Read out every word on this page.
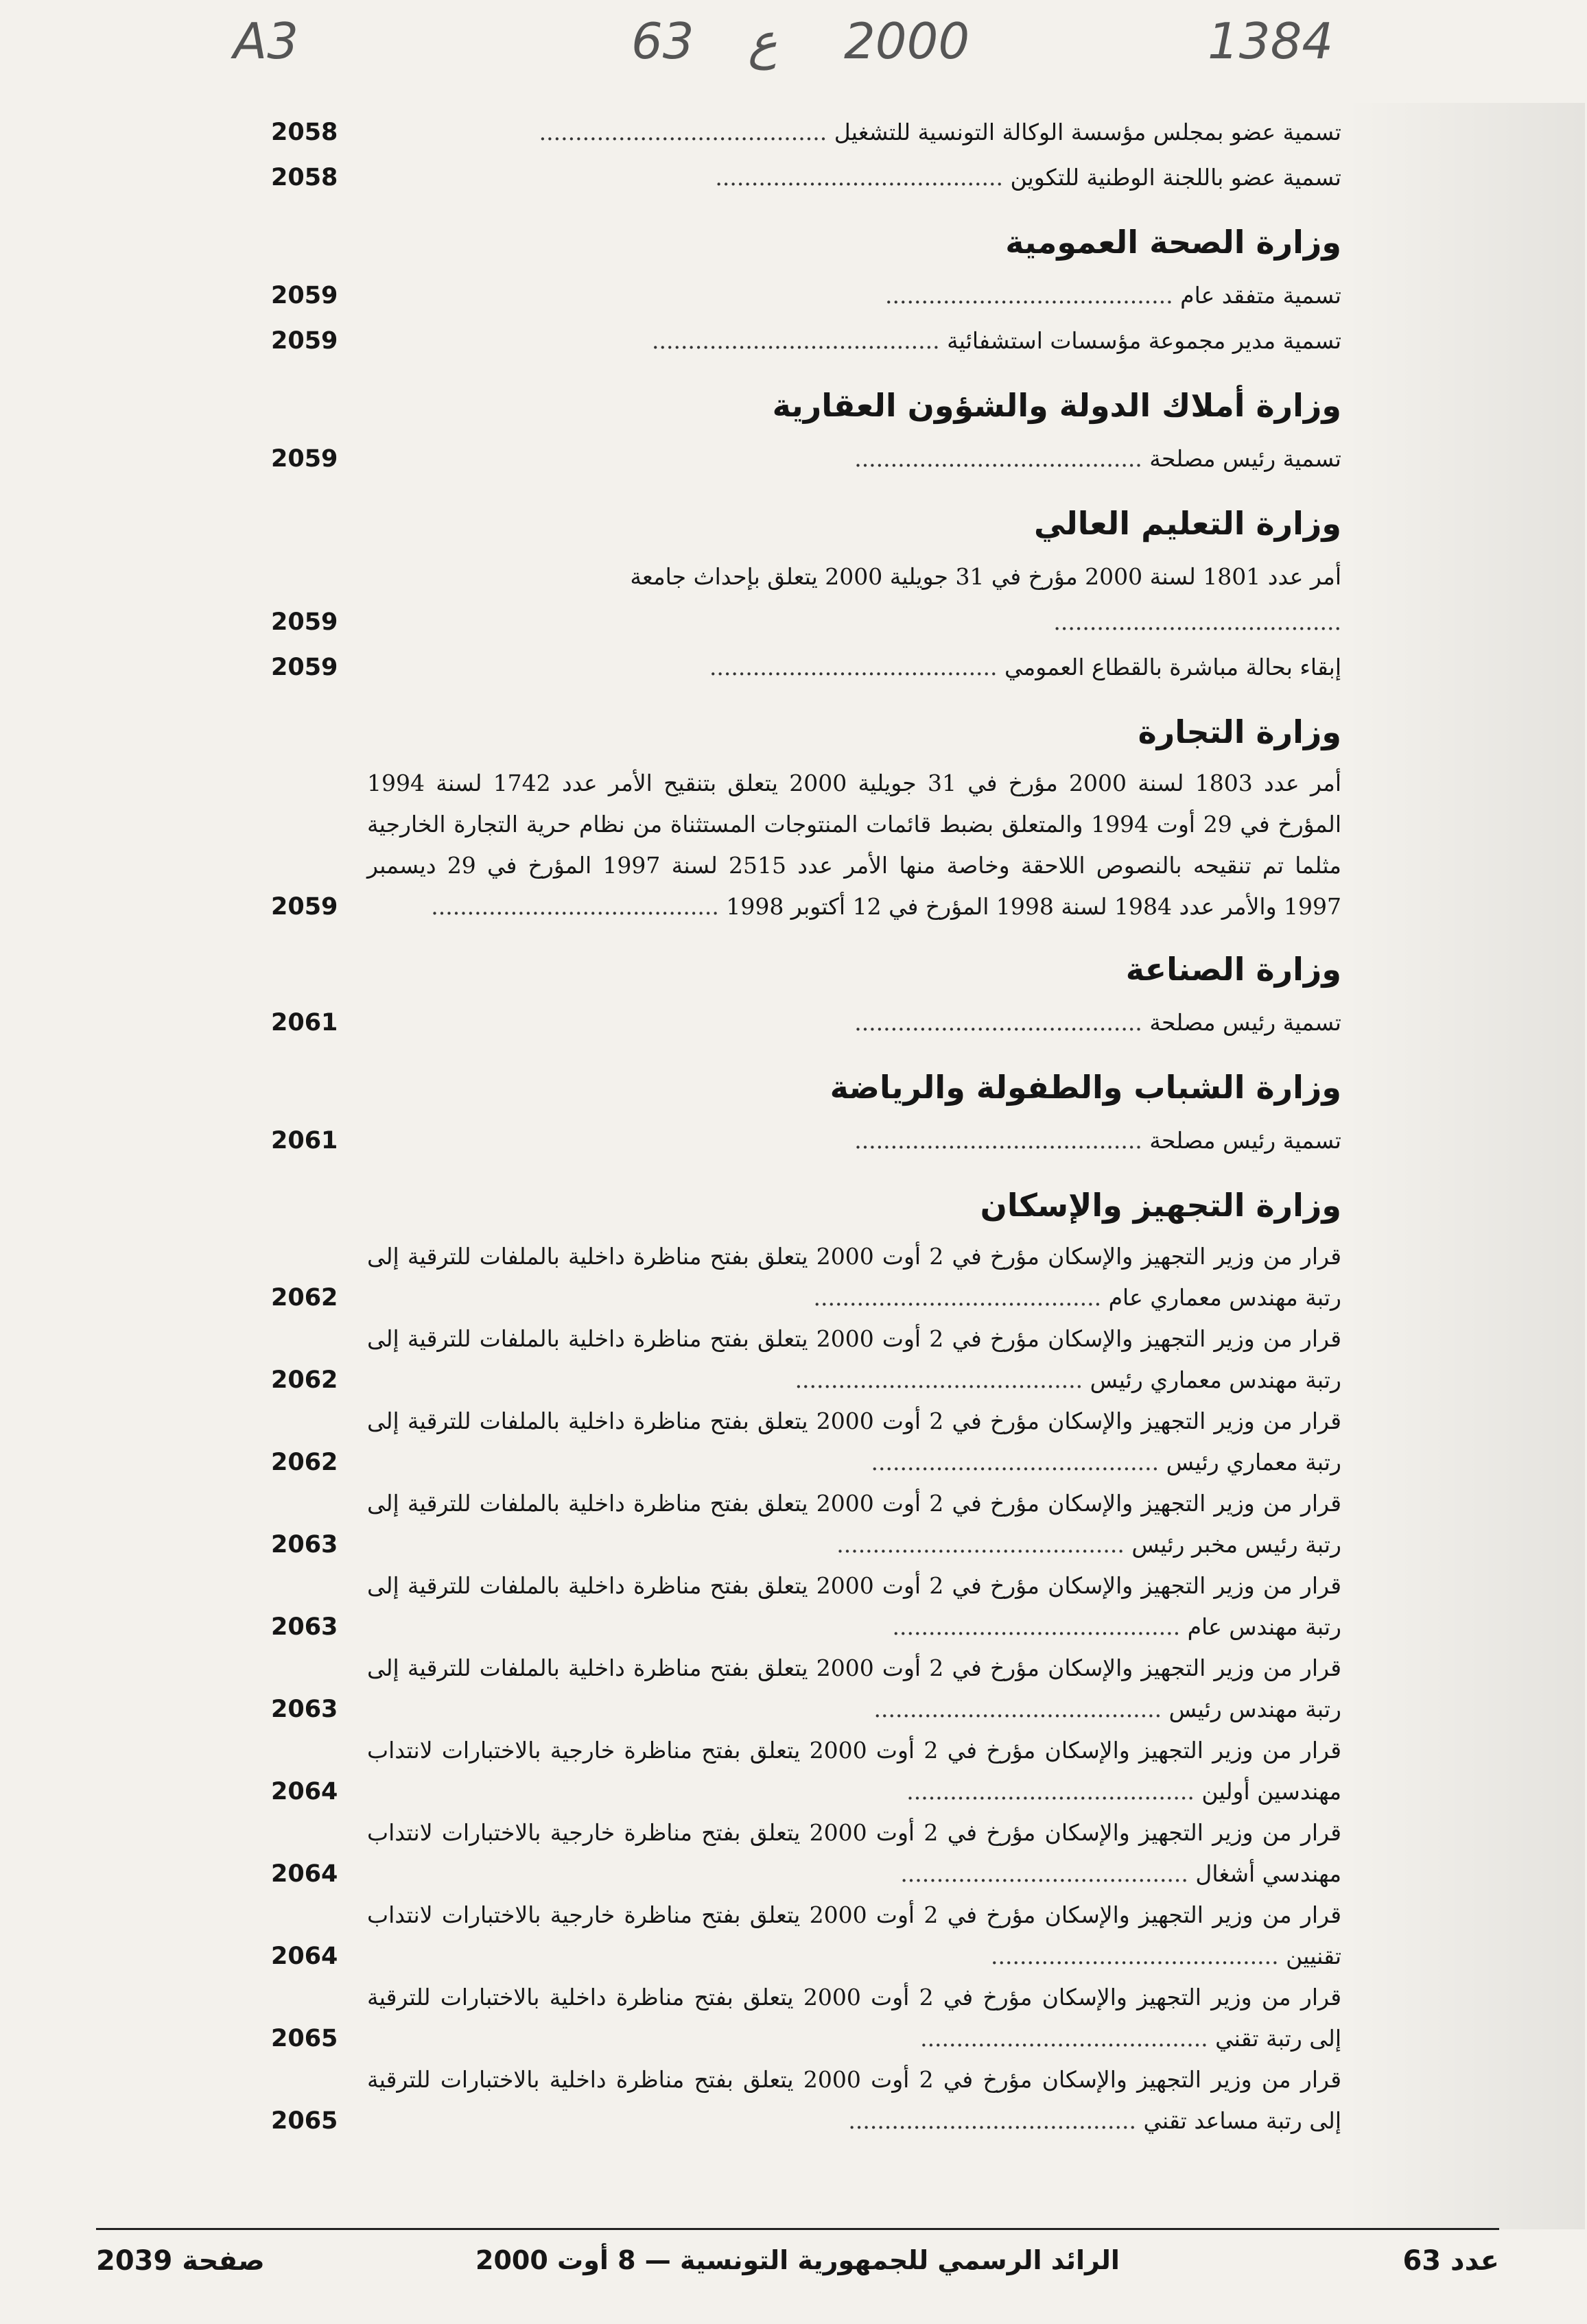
A3	63 ع 2000	1384

تسمية عضو بمجلس مؤسسة الوكالة التونسية للتشغيل ........................................
2058

تسمية عضو باللجنة الوطنية للتكوين ........................................
2058

وزارة الصحة العمومية

تسمية متفقد عام ........................................
2059

تسمية مدير مجموعة مؤسسات استشفائية ........................................
2059

وزارة أملاك الدولة والشؤون العقارية

تسمية رئيس مصلحة ........................................
2059

وزارة التعليم العالي

أمر عدد 1801 لسنة 2000 مؤرخ في 31 جويلية 2000 يتعلق بإحداث جامعة ........................................
2059

إبقاء بحالة مباشرة بالقطاع العمومي ........................................
2059

وزارة التجارة

أمر عدد 1803 لسنة 2000 مؤرخ في 31 جويلية 2000 يتعلق بتنقيح الأمر عدد 1742 لسنة 1994 المؤرخ في 29 أوت 1994 والمتعلق بضبط قائمات المنتوجات المستثناة من نظام حرية التجارة الخارجية مثلما تم تنقيحه بالنصوص اللاحقة وخاصة منها الأمر عدد 2515 لسنة 1997 المؤرخ في 29 ديسمبر 1997 والأمر عدد 1984 لسنة 1998 المؤرخ في 12 أكتوبر 1998 ........................................
2059

وزارة الصناعة

تسمية رئيس مصلحة ........................................
2061

وزارة الشباب والطفولة والرياضة

تسمية رئيس مصلحة ........................................
2061

وزارة التجهيز والإسكان

قرار من وزير التجهيز والإسكان مؤرخ في 2 أوت 2000 يتعلق بفتح مناظرة داخلية بالملفات للترقية إلى رتبة مهندس معماري عام ........................................
2062

قرار من وزير التجهيز والإسكان مؤرخ في 2 أوت 2000 يتعلق بفتح مناظرة داخلية بالملفات للترقية إلى رتبة مهندس معماري رئيس ........................................
2062

قرار من وزير التجهيز والإسكان مؤرخ في 2 أوت 2000 يتعلق بفتح مناظرة داخلية بالملفات للترقية إلى رتبة معماري رئيس ........................................
2062

قرار من وزير التجهيز والإسكان مؤرخ في 2 أوت 2000 يتعلق بفتح مناظرة داخلية بالملفات للترقية إلى رتبة رئيس مخبر رئيس ........................................
2063

قرار من وزير التجهيز والإسكان مؤرخ في 2 أوت 2000 يتعلق بفتح مناظرة داخلية بالملفات للترقية إلى رتبة مهندس عام ........................................
2063

قرار من وزير التجهيز والإسكان مؤرخ في 2 أوت 2000 يتعلق بفتح مناظرة داخلية بالملفات للترقية إلى رتبة مهندس رئيس ........................................
2063

قرار من وزير التجهيز والإسكان مؤرخ في 2 أوت 2000 يتعلق بفتح مناظرة خارجية بالاختبارات لانتداب مهندسين أولين ........................................
2064

قرار من وزير التجهيز والإسكان مؤرخ في 2 أوت 2000 يتعلق بفتح مناظرة خارجية بالاختبارات لانتداب مهندسي أشغال ........................................
2064

قرار من وزير التجهيز والإسكان مؤرخ في 2 أوت 2000 يتعلق بفتح مناظرة خارجية بالاختبارات لانتداب تقنيين ........................................
2064

قرار من وزير التجهيز والإسكان مؤرخ في 2 أوت 2000 يتعلق بفتح مناظرة داخلية بالاختبارات للترقية إلى رتبة تقني ........................................
2065

قرار من وزير التجهيز والإسكان مؤرخ في 2 أوت 2000 يتعلق بفتح مناظرة داخلية بالاختبارات للترقية إلى رتبة مساعد تقني ........................................
2065

عدد 63
الرائد الرسمي للجمهورية التونسية — 8 أوت 2000
صفحة 2039
